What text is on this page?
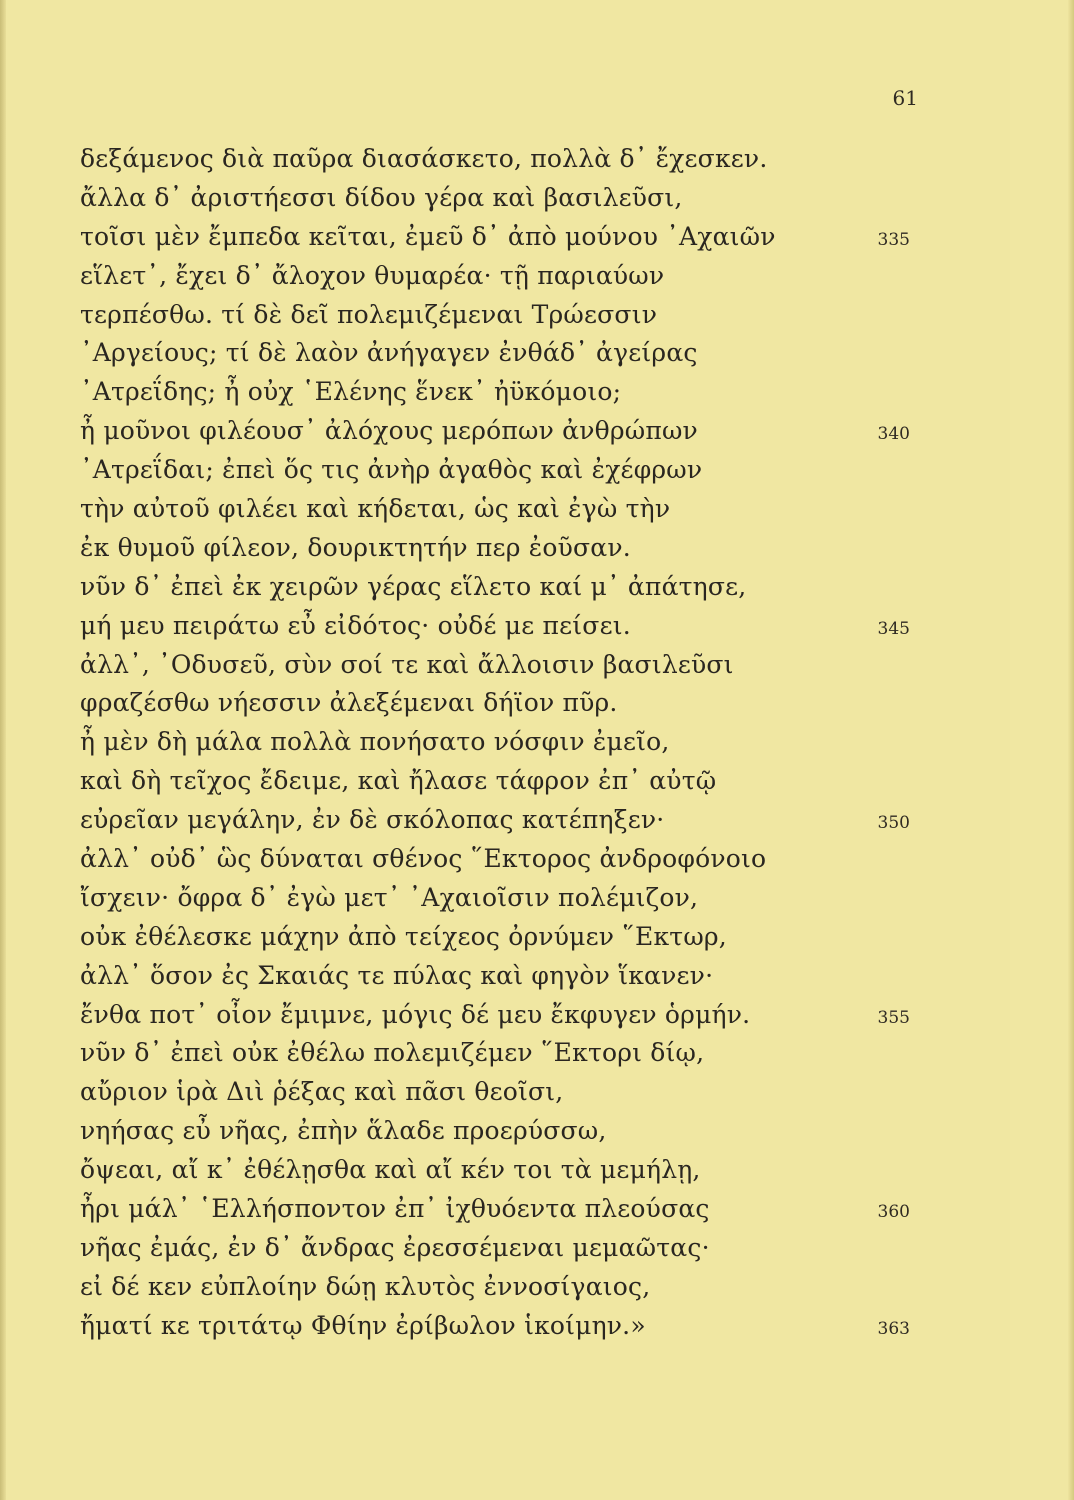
61
δεξάμενος διὰ παῦρα διασάσκετο, πολλὰ δ᾽ ἔχεσκεν.
ἄλλα δ᾽ ἀριστήεσσι δίδου γέρα καὶ βασιλεῦσι,
τοῖσι μὲν ἔμπεδα κεῖται, ἐμεῦ δ᾽ ἀπὸ μούνου ᾽Αχαιῶν	335
εἵλετ᾽, ἔχει δ᾽ ἄλοχον θυμαρέα· τῇ παριαύων
τερπέσθω. τί δὲ δεῖ πολεμιζέμεναι Τρώεσσιν
᾽Αργείους; τί δὲ λαὸν ἀνήγαγεν ἐνθάδ᾽ ἀγείρας
᾽Ατρεΐδης; ἦ οὐχ ῾Ελένης ἕνεκ᾽ ἠϋκόμοιο;
ἦ μοῦνοι φιλέουσ᾽ ἀλόχους μερόπων ἀνθρώπων	340
᾽Ατρεΐδαι; ἐπεὶ ὅς τις ἀνὴρ ἀγαθὸς καὶ ἐχέφρων
τὴν αὐτοῦ φιλέει καὶ κήδεται, ὡς καὶ ἐγὼ τὴν
ἐκ θυμοῦ φίλεον, δουρικτητήν περ ἐοῦσαν.
νῦν δ᾽ ἐπεὶ ἐκ χειρῶν γέρας εἵλετο καί μ᾽ ἀπάτησε,
μή μευ πειράτω εὖ εἰδότος· οὐδέ με πείσει.	345
ἀλλ᾽, ᾽Οδυσεῦ, σὺν σοί τε καὶ ἄλλοισιν βασιλεῦσι
φραζέσθω νήεσσιν ἀλεξέμεναι δήϊον πῦρ.
ἦ μὲν δὴ μάλα πολλὰ πονήσατο νόσφιν ἐμεῖο,
καὶ δὴ τεῖχος ἔδειμε, καὶ ἤλασε τάφρον ἐπ᾽ αὐτῷ
εὐρεῖαν μεγάλην, ἐν δὲ σκόλοπας κατέπηξεν·	350
ἀλλ᾽ οὐδ᾽ ὣς δύναται σθένος ῞Εκτορος ἀνδροφόνοιο
ἴσχειν· ὄφρα δ᾽ ἐγὼ μετ᾽ ᾽Αχαιοῖσιν πολέμιζον,
οὐκ ἐθέλεσκε μάχην ἀπὸ τείχεος ὀρνύμεν ῞Εκτωρ,
ἀλλ᾽ ὅσον ἐς Σκαιάς τε πύλας καὶ φηγὸν ἵκανεν·
ἔνθα ποτ᾽ οἶον ἔμιμνε, μόγις δέ μευ ἔκφυγεν ὁρμήν.	355
νῦν δ᾽ ἐπεὶ οὐκ ἐθέλω πολεμιζέμεν ῞Εκτορι δίῳ,
αὔριον ἱρὰ Διὶ ῥέξας καὶ πᾶσι θεοῖσι,
νηήσας εὖ νῆας, ἐπὴν ἅλαδε προερύσσω,
ὄψεαι, αἴ κ᾽ ἐθέλῃσθα καὶ αἴ κέν τοι τὰ μεμήλῃ,
ἦρι μάλ᾽ ῾Ελλήσποντον ἐπ᾽ ἰχθυόεντα πλεούσας	360
νῆας ἐμάς, ἐν δ᾽ ἄνδρας ἐρεσσέμεναι μεμαῶτας·
εἰ δέ κεν εὐπλοίην δώῃ κλυτὸς ἐννοσίγαιος,
ἤματί κε τριτάτῳ Φθίην ἐρίβωλον ἱκοίμην.»	363
